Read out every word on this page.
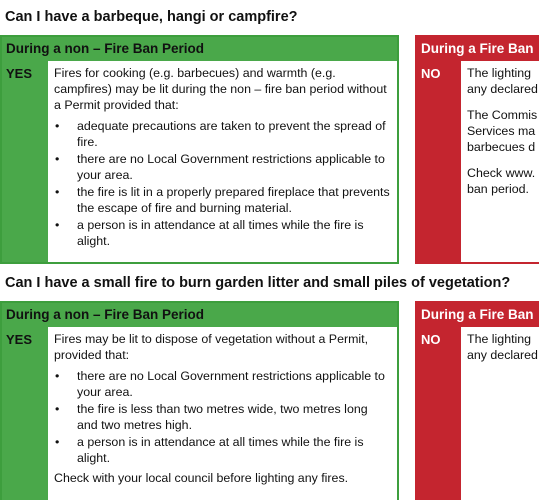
Can I have a barbeque, hangi or campfire?
During a non – Fire Ban Period
YES	Fires for cooking (e.g. barbecues) and warmth (e.g. campfires) may be lit during the non – fire ban period without a Permit provided that:

• adequate precautions are taken to prevent the spread of fire.
• there are no Local Government restrictions applicable to your area.
• the fire is lit in a properly prepared fireplace that prevents the escape of fire and burning material.
• a person is in attendance at all times while the fire is alight.
During a Fire Ban
NO	The lighting
any declared
The Commis
Services ma
barbecues d
Check www.
ban period.
Can I have a small fire to burn garden litter and small piles of vegetation?
During a non – Fire Ban Period
YES	Fires may be lit to dispose of vegetation without a Permit, provided that:

• there are no Local Government restrictions applicable to your area.
• the fire is less than two metres wide, two metres long and two metres high.
• a person is in attendance at all times while the fire is alight.
Check with your local council before lighting any fires.
During a Fire Ban
NO	The lighting
any declared
